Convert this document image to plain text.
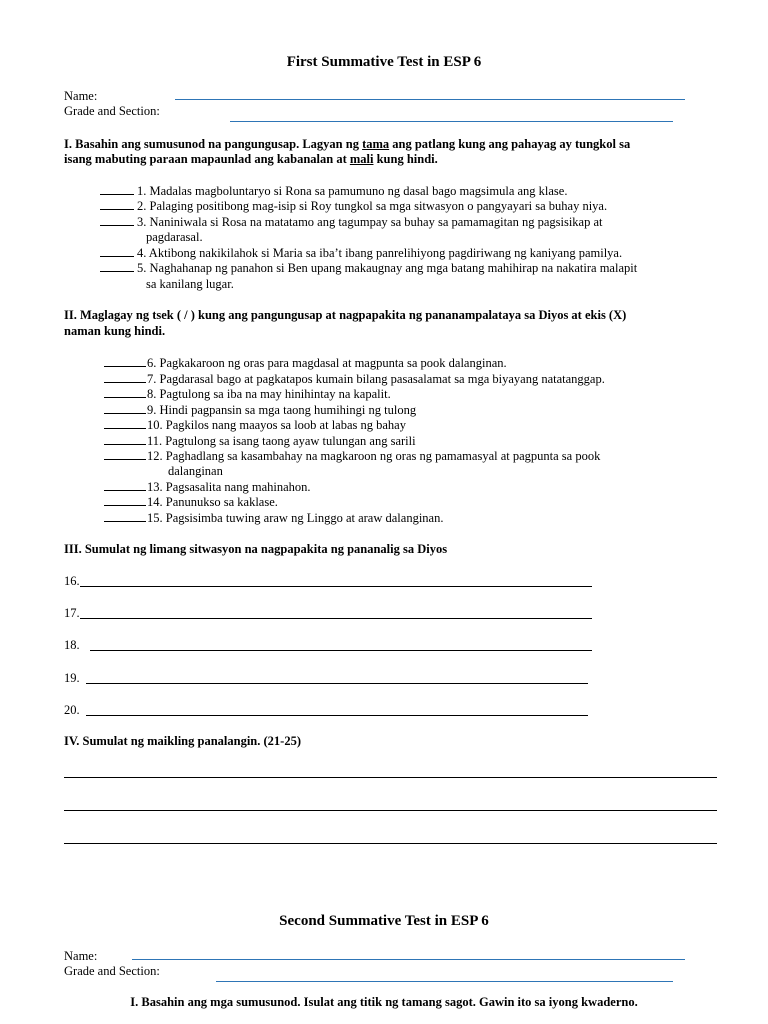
First Summative Test in ESP 6
Name:
Grade and Section:
I. Basahin ang sumusunod na pangungusap. Lagyan ng tama ang patlang kung ang pahayag ay tungkol sa
isang mabuting paraan mapaunlad ang kabanalan at mali kung hindi.
1. Madalas magboluntaryo si Rona sa pamumuno ng dasal bago magsimula ang klase.
2. Palaging positibong mag-isip si Roy tungkol sa mga sitwasyon o pangyayari sa buhay niya.
3. Naniniwala si Rosa na matatamo ang tagumpay sa buhay sa pamamagitan ng pagsisikap at
pagdarasal.
4. Aktibong nakikilahok si Maria sa iba’t ibang panrelihiyong pagdiriwang ng kaniyang pamilya.
5. Naghahanap ng panahon si Ben upang makaugnay ang mga batang mahihirap na nakatira malapit
sa kanilang lugar.
II. Maglagay ng tsek ( / ) kung ang pangungusap at nagpapakita ng pananampalataya sa Diyos at ekis (X)
naman kung hindi.
6. Pagkakaroon ng oras para magdasal at magpunta sa pook dalanginan.
7. Pagdarasal bago at pagkatapos kumain bilang pasasalamat sa mga biyayang natatanggap.
8. Pagtulong sa iba na may hinihintay na kapalit.
9. Hindi pagpansin sa mga taong humihingi ng tulong
10. Pagkilos nang maayos sa loob at labas ng bahay
11. Pagtulong sa isang taong ayaw tulungan ang sarili
12. Paghadlang sa kasambahay na magkaroon ng oras ng pamamasyal at pagpunta sa pook
dalanginan
13. Pagsasalita nang mahinahon.
14. Panunukso sa kaklase.
15. Pagsisimba tuwing araw ng Linggo at araw dalanginan.
III. Sumulat ng limang sitwasyon na nagpapakita ng pananalig sa Diyos
16.
17.
18.
19.
20.
IV. Sumulat ng maikling panalangin. (21-25)
Second Summative Test in ESP 6
Name:
Grade and Section:
I. Basahin ang mga sumusunod. Isulat ang titik ng tamang sagot. Gawin ito sa iyong kwaderno.
